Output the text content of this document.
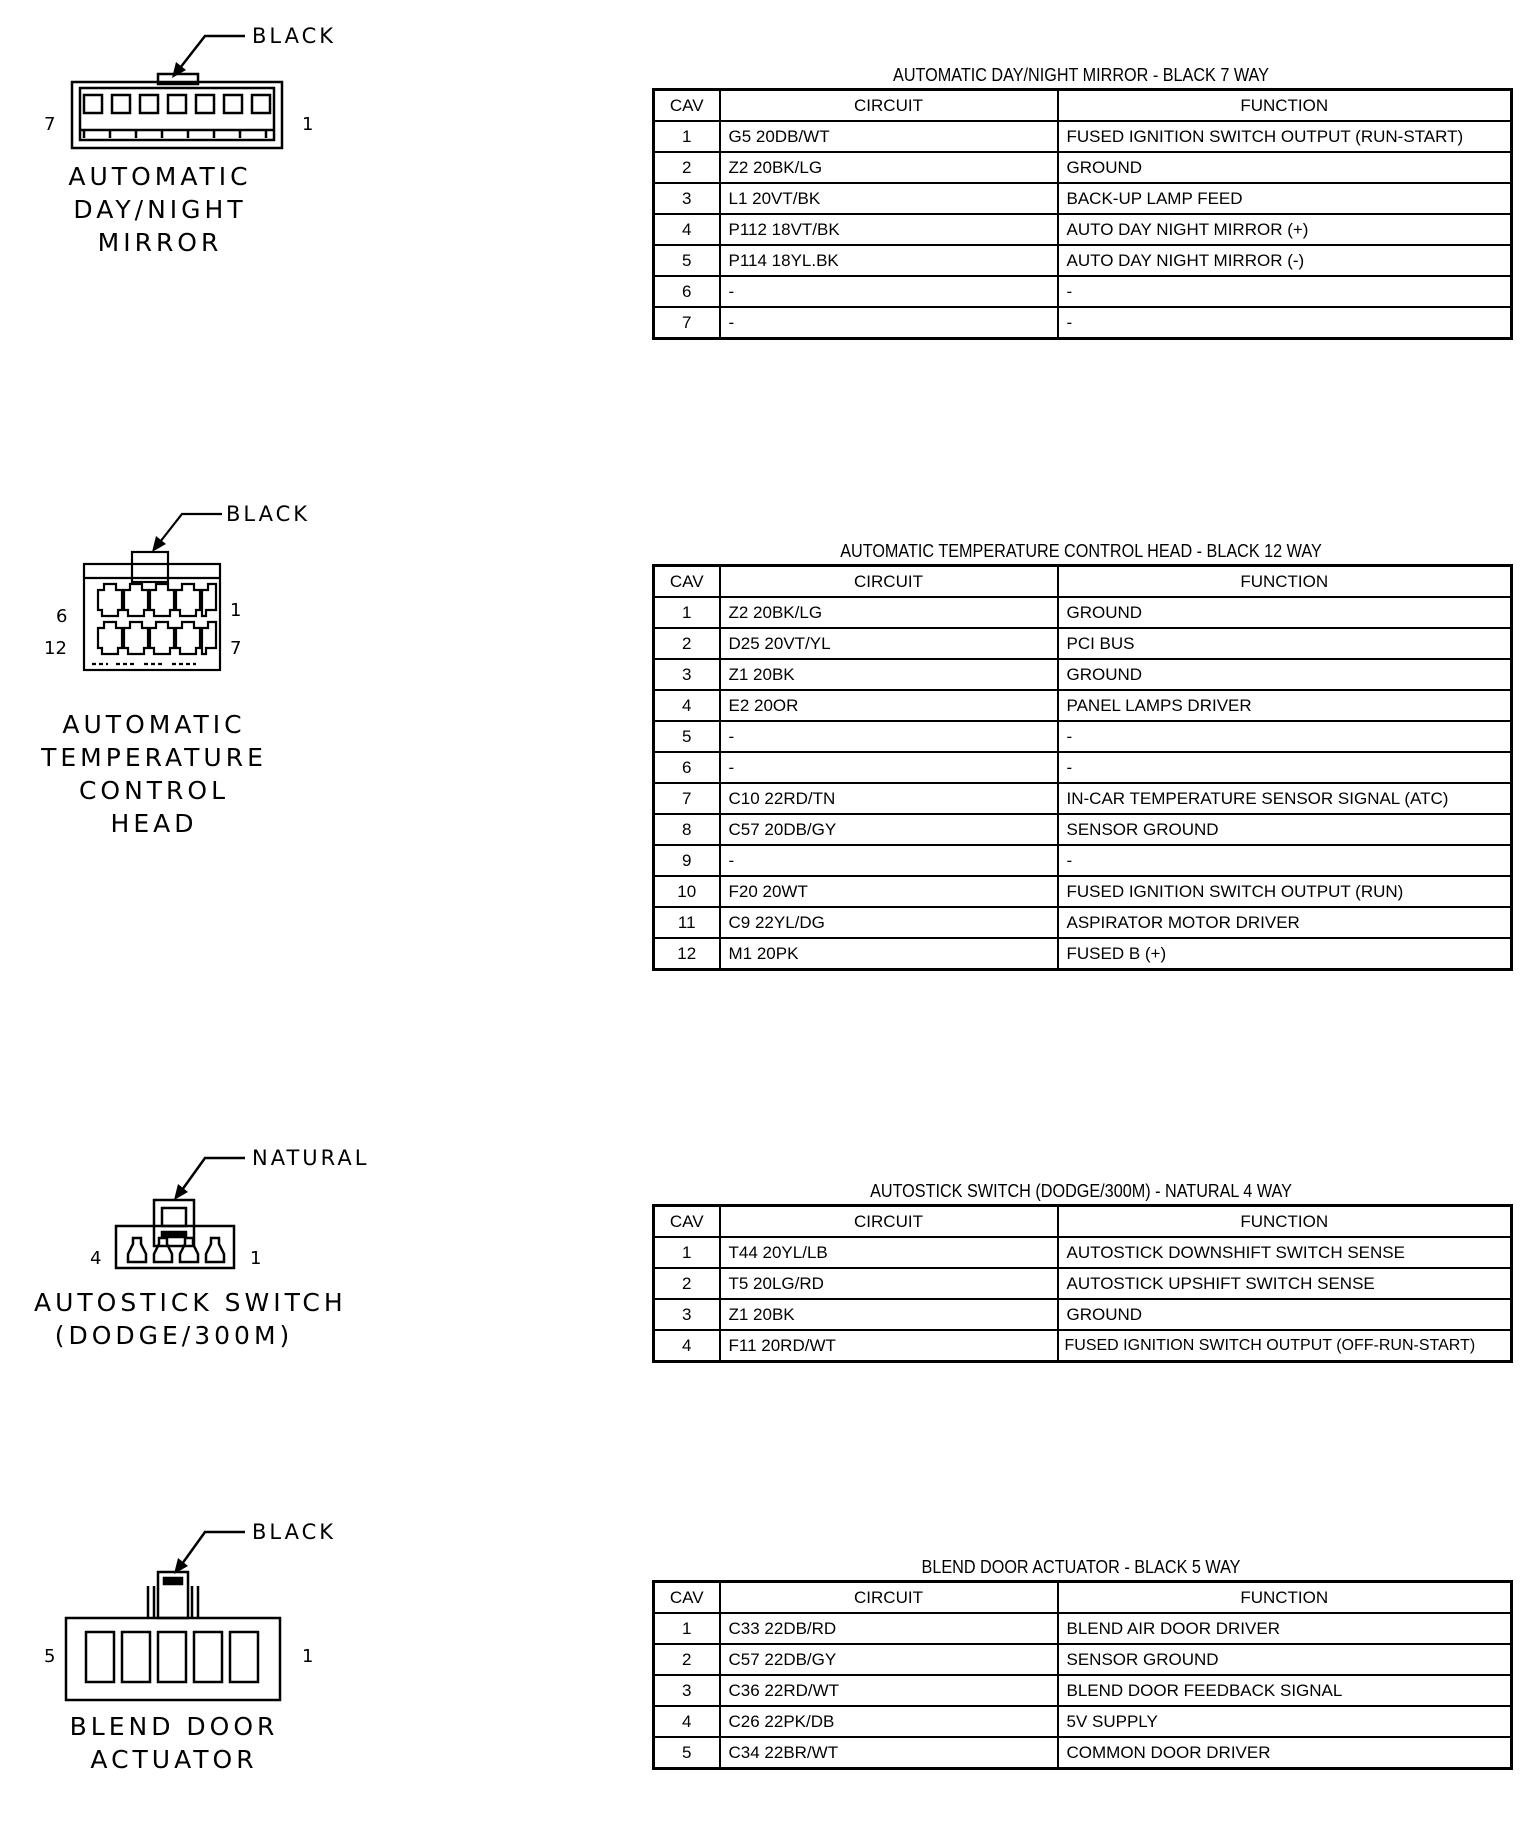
BLACK
7	1
AUTOMATIC
DAY/NIGHT
MIRROR
AUTOMATIC DAY/NIGHT MIRROR - BLACK 7 WAY
CAV	CIRCUIT	FUNCTION
1	G5 20DB/WT	FUSED IGNITION SWITCH OUTPUT (RUN-START)
2	Z2 20BK/LG	GROUND
3	L1 20VT/BK	BACK-UP LAMP FEED
4	P112 18VT/BK	AUTO DAY NIGHT MIRROR (+)
5	P114 18YL.BK	AUTO DAY NIGHT MIRROR (-)
6	-	-
7	-	-
BLACK
6	1
12	7
AUTOMATIC
TEMPERATURE
CONTROL
HEAD
AUTOMATIC TEMPERATURE CONTROL HEAD - BLACK 12 WAY
CAV	CIRCUIT	FUNCTION
1	Z2 20BK/LG	GROUND
2	D25 20VT/YL	PCI BUS
3	Z1 20BK	GROUND
4	E2 20OR	PANEL LAMPS DRIVER
5	-	-
6	-	-
7	C10 22RD/TN	IN-CAR TEMPERATURE SENSOR SIGNAL (ATC)
8	C57 20DB/GY	SENSOR GROUND
9	-	-
10	F20 20WT	FUSED IGNITION SWITCH OUTPUT (RUN)
11	C9 22YL/DG	ASPIRATOR MOTOR DRIVER
12	M1 20PK	FUSED B (+)
NATURAL
4	1
AUTOSTICK SWITCH
(DODGE/300M)
AUTOSTICK SWITCH (DODGE/300M) - NATURAL 4 WAY
CAV	CIRCUIT	FUNCTION
1	T44 20YL/LB	AUTOSTICK DOWNSHIFT SWITCH SENSE
2	T5 20LG/RD	AUTOSTICK UPSHIFT SWITCH SENSE
3	Z1 20BK	GROUND
4	F11 20RD/WT	FUSED IGNITION SWITCH OUTPUT (OFF-RUN-START)
BLACK
5	1
BLEND DOOR
ACTUATOR
BLEND DOOR ACTUATOR - BLACK 5 WAY
CAV	CIRCUIT	FUNCTION
1	C33 22DB/RD	BLEND AIR DOOR DRIVER
2	C57 22DB/GY	SENSOR GROUND
3	C36 22RD/WT	BLEND DOOR FEEDBACK SIGNAL
4	C26 22PK/DB	5V SUPPLY
5	C34 22BR/WT	COMMON DOOR DRIVER
